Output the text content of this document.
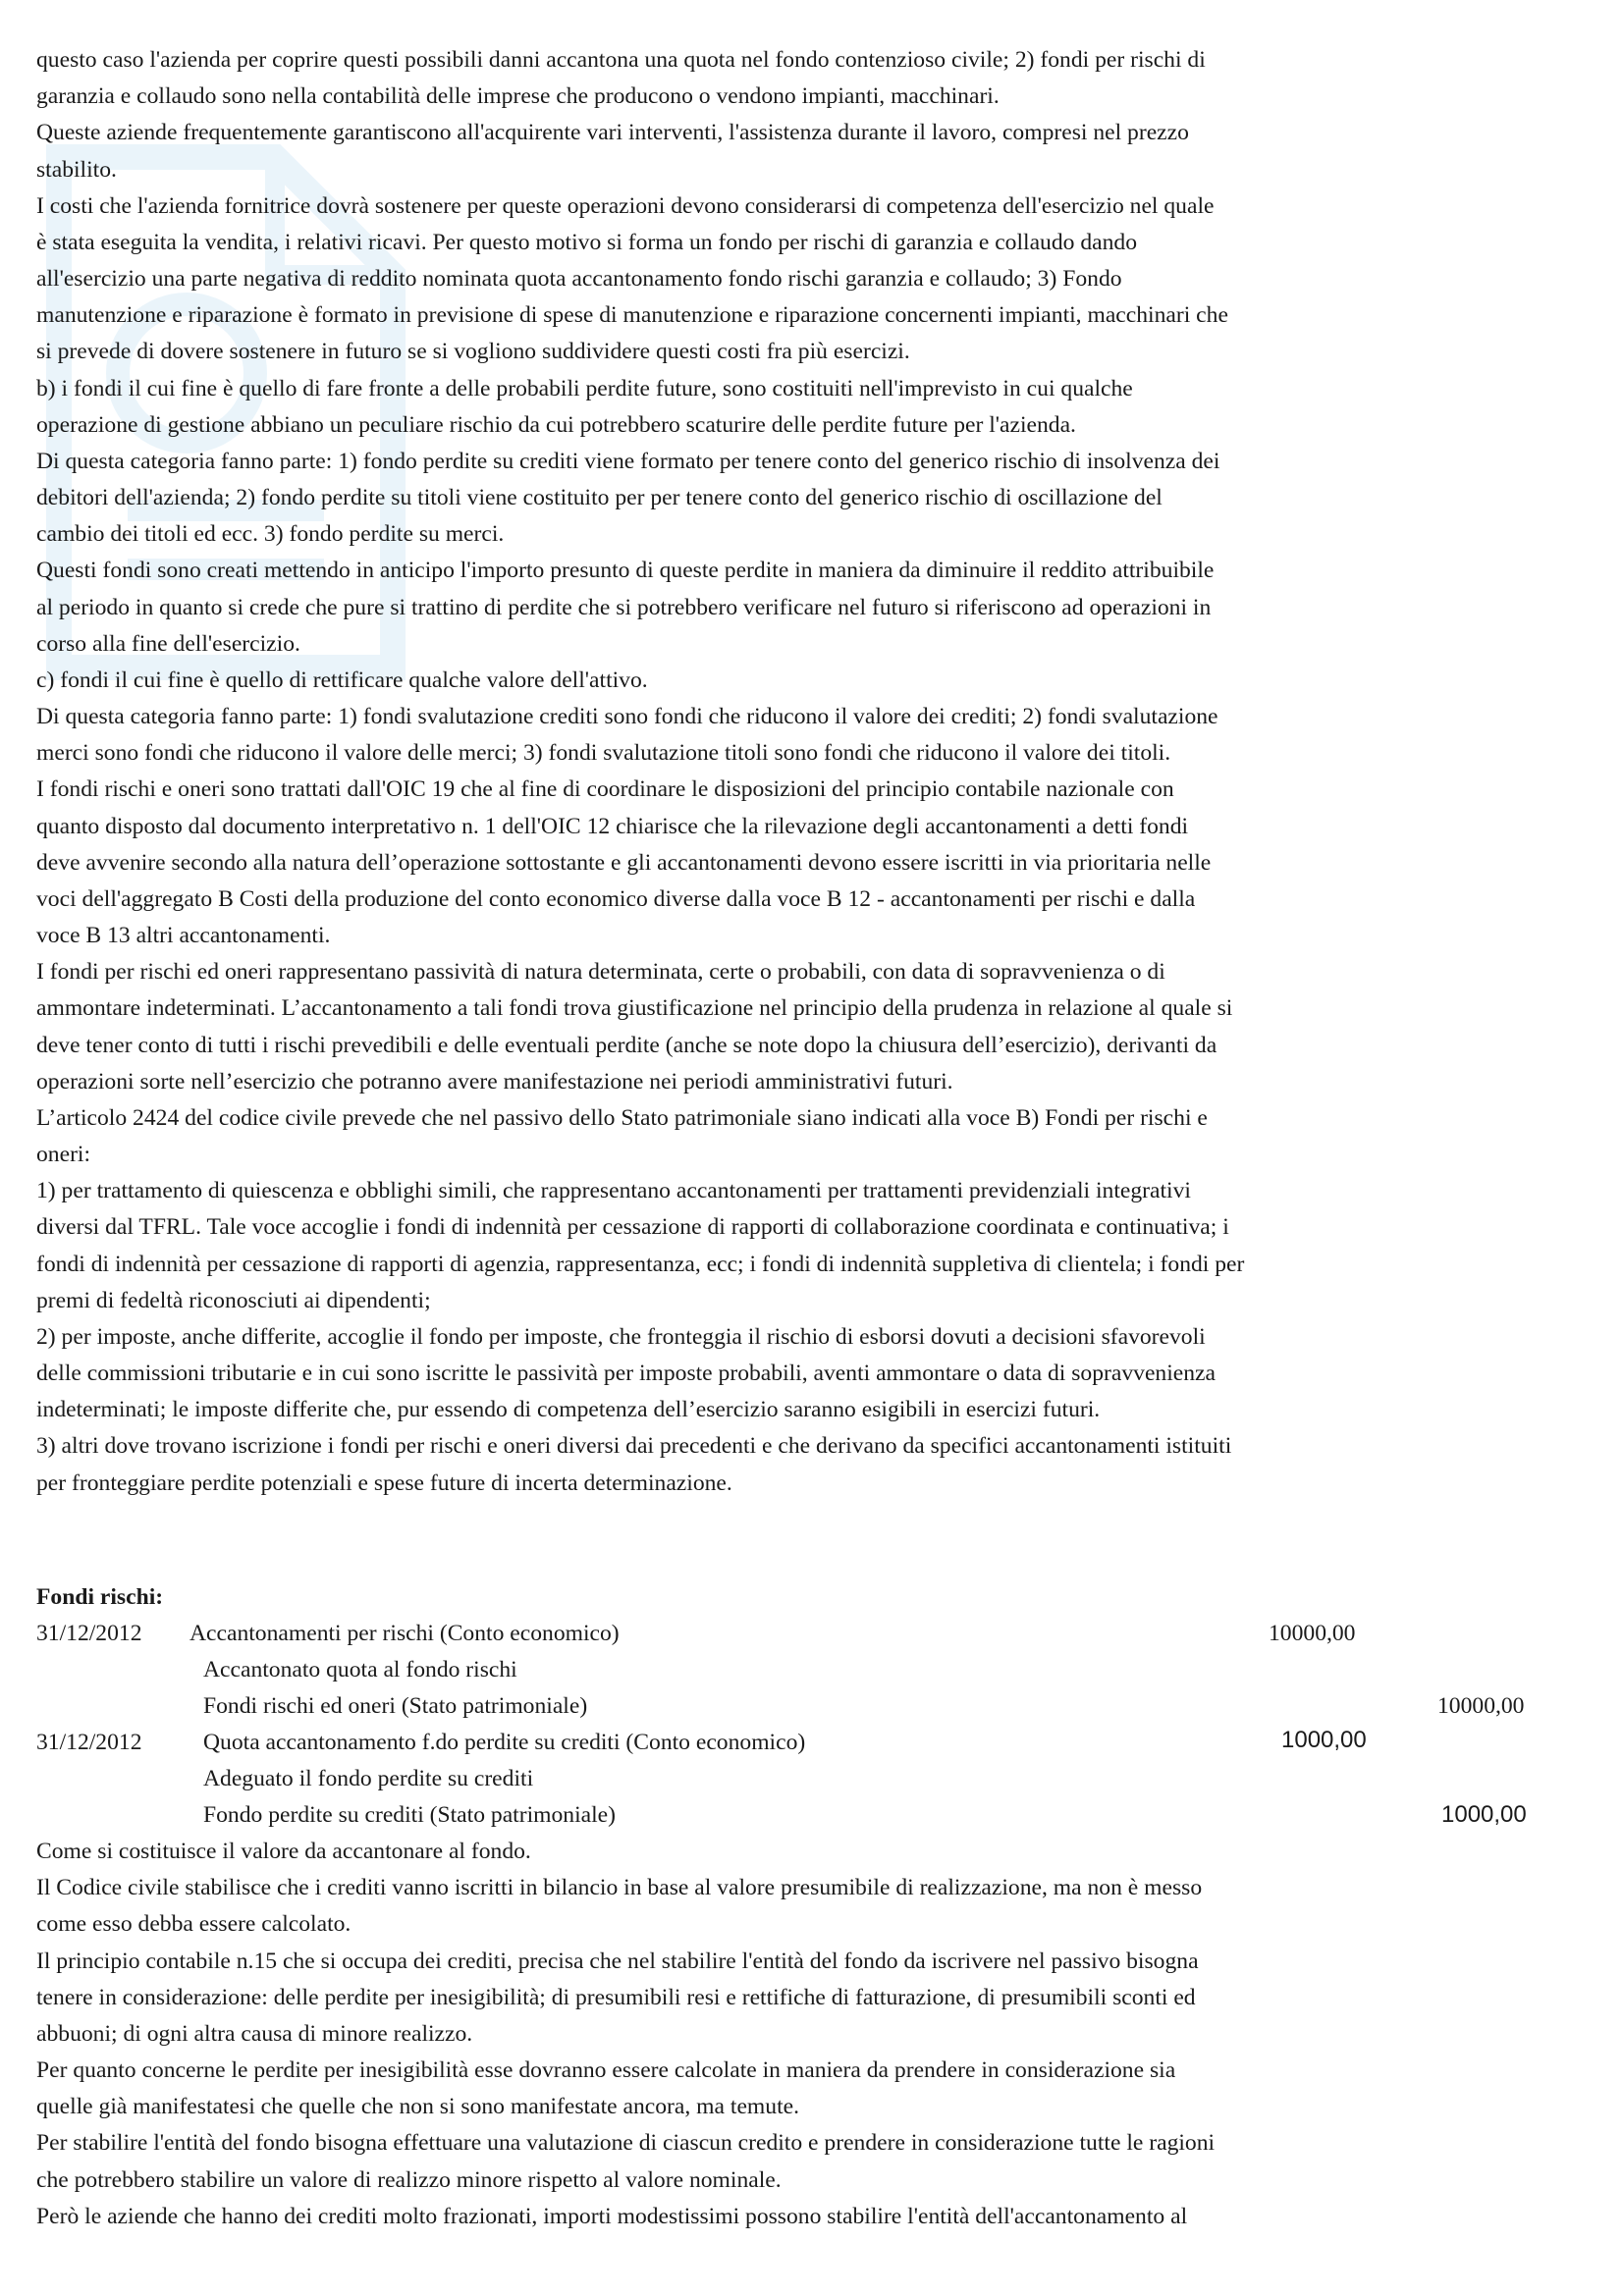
questo caso l'azienda per coprire questi possibili danni accantona una quota nel fondo contenzioso civile; 2) fondi per rischi di
garanzia e collaudo sono nella contabilità delle imprese che producono o vendono impianti, macchinari.
Queste aziende frequentemente garantiscono all'acquirente vari interventi, l'assistenza durante il lavoro, compresi nel prezzo
stabilito.
I costi che l'azienda fornitrice dovrà sostenere per queste operazioni devono considerarsi di competenza dell'esercizio nel quale
è stata eseguita la vendita, i relativi ricavi. Per questo motivo si forma un fondo per rischi di garanzia e collaudo dando
all'esercizio una parte negativa di reddito nominata quota accantonamento fondo rischi garanzia e collaudo; 3) Fondo
manutenzione e riparazione è formato in previsione di spese di manutenzione e riparazione concernenti impianti, macchinari che
si prevede di dovere sostenere in futuro se si vogliono suddividere questi costi fra più esercizi.
b) i fondi il cui fine è quello di fare fronte a delle probabili perdite future, sono costituiti nell'imprevisto in cui qualche
operazione di gestione abbiano un peculiare rischio da cui potrebbero scaturire delle perdite future per l'azienda.
Di questa categoria fanno parte: 1) fondo perdite su crediti viene formato per tenere conto del generico rischio di insolvenza dei
debitori dell'azienda; 2) fondo perdite su titoli viene costituito per per tenere conto del generico rischio di oscillazione del
cambio dei titoli ed ecc. 3) fondo perdite su merci.
Questi fondi sono creati mettendo in anticipo l'importo presunto di queste perdite in maniera da diminuire il reddito attribuibile
al periodo in quanto si crede che pure si trattino di perdite che si potrebbero verificare nel futuro si riferiscono ad operazioni in
corso alla fine dell'esercizio.
c) fondi il cui fine è quello di rettificare qualche valore dell'attivo.
Di questa categoria fanno parte: 1) fondi svalutazione crediti sono fondi che riducono il valore dei crediti; 2) fondi svalutazione
merci sono fondi che riducono il valore delle merci; 3) fondi svalutazione titoli sono fondi che riducono il valore dei titoli.
I fondi rischi e oneri sono trattati dall'OIC 19 che al fine di coordinare le disposizioni del principio contabile nazionale con
quanto disposto dal documento interpretativo n. 1 dell'OIC 12 chiarisce che la rilevazione degli accantonamenti a detti fondi
deve avvenire secondo alla natura dell’operazione sottostante e gli accantonamenti devono essere iscritti in via prioritaria nelle
voci dell'aggregato B Costi della produzione del conto economico diverse dalla voce B 12 - accantonamenti per rischi e dalla
voce B 13 altri accantonamenti.
I fondi per rischi ed oneri rappresentano passività di natura determinata, certe o probabili, con data di sopravvenienza o di
ammontare indeterminati. L’accantonamento a tali fondi trova giustificazione nel principio della prudenza in relazione al quale si
deve tener conto di tutti i rischi prevedibili e delle eventuali perdite (anche se note dopo la chiusura dell’esercizio), derivanti da
operazioni sorte nell’esercizio che potranno avere manifestazione nei periodi amministrativi futuri.
L’articolo 2424 del codice civile prevede che nel passivo dello Stato patrimoniale siano indicati alla voce B) Fondi per rischi e
oneri:
1) per trattamento di quiescenza e obblighi simili, che rappresentano accantonamenti per trattamenti previdenziali integrativi
diversi dal TFRL. Tale voce accoglie i fondi di indennità per cessazione di rapporti di collaborazione coordinata e continuativa; i
fondi di indennità per cessazione di rapporti di agenzia, rappresentanza, ecc; i fondi di indennità suppletiva di clientela; i fondi per
premi di fedeltà riconosciuti ai dipendenti;
2) per imposte, anche differite, accoglie il fondo per imposte, che fronteggia il rischio di esborsi dovuti a decisioni sfavorevoli
delle commissioni tributarie e in cui sono iscritte le passività per imposte probabili, aventi ammontare o data di sopravvenienza
indeterminati; le imposte differite che, pur essendo di competenza dell’esercizio saranno esigibili in esercizi futuri.
3) altri dove trovano iscrizione i fondi per rischi e oneri diversi dai precedenti e che derivano da specifici accantonamenti istituiti
per fronteggiare perdite potenziali e spese future di incerta determinazione.
Fondi rischi:
31/12/2012 Accantonamenti per rischi (Conto economico)	10000,00
Accantonato quota al fondo rischi
Fondi rischi ed oneri (Stato patrimoniale)	10000,00
31/12/2012	Quota accantonamento f.do perdite su crediti (Conto economico)	1000,00
Adeguato il fondo perdite su crediti
Fondo perdite su crediti (Stato patrimoniale)	1000,00
Come si costituisce il valore da accantonare al fondo.
Il Codice civile stabilisce che i crediti vanno iscritti in bilancio in base al valore presumibile di realizzazione, ma non è messo
come esso debba essere calcolato.
Il principio contabile n.15 che si occupa dei crediti, precisa che nel stabilire l'entità del fondo da iscrivere nel passivo bisogna
tenere in considerazione: delle perdite per inesigibilità; di presumibili resi e rettifiche di fatturazione, di presumibili sconti ed
abbuoni; di ogni altra causa di minore realizzo.
Per quanto concerne le perdite per inesigibilità esse dovranno essere calcolate in maniera da prendere in considerazione sia
quelle già manifestatesi che quelle che non si sono manifestate ancora, ma temute.
Per stabilire l'entità del fondo bisogna effettuare una valutazione di ciascun credito e prendere in considerazione tutte le ragioni
che potrebbero stabilire un valore di realizzo minore rispetto al valore nominale.
Però le aziende che hanno dei crediti molto frazionati, importi modestissimi possono stabilire l'entità dell'accantonamento al
